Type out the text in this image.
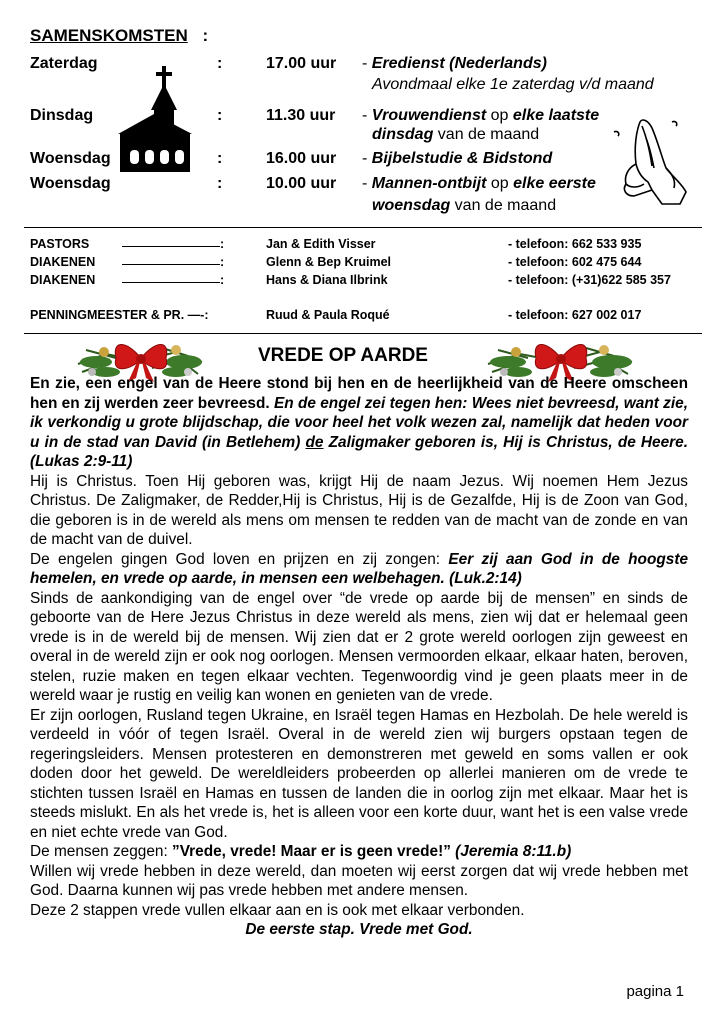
SAMENSKOMSTEN :
Zaterdag	:	17.00 uur - Eredienst (Nederlands)
Avondmaal elke 1e zaterdag v/d maand
Dinsdag	:	11.30 uur - Vrouwendienst op elke laatste
dinsdag van de maand
Woensdag	:	16.00 uur - Bijbelstudie & Bidstond
Woensdag	:	10.00 uur - Mannen-ontbijt op elke eerste
woensdag van de maand
PASTORS	:	Jan & Edith Visser	- telefoon: 662 533 935
DIAKENEN	:	Glenn & Bep Kruimel	- telefoon: 602 475 644
DIAKENEN	:	Hans & Diana Ilbrink	- telefoon: (+31)622 585 357
PENNINGMEESTER & PR. —-:	Ruud & Paula Roqué	- telefoon: 627 002 017
VREDE OP AARDE

En zie, een engel van de Heere stond bij hen en de heerlijkheid van de Heere omscheen hen en zij werden zeer bevreesd. En de engel zei tegen hen: Wees niet bevreesd, want zie, ik verkondig u grote blijdschap, die voor heel het volk wezen zal, namelijk dat heden voor u in de stad van David (in Betlehem) de Zaligmaker geboren is, Hij is Christus, de Heere.(Lukas 2:9-11)

Hij is Christus. Toen Hij geboren was, krijgt Hij de naam Jezus. Wij noemen Hem Jezus Christus. De Zaligmaker, de Redder,Hij is Christus, Hij is de Gezalfde, Hij is de Zoon van God, die geboren is in de wereld als mens om mensen te redden van de macht van de zonde en van de macht van de duivel.

De engelen gingen God loven en prijzen en zij zongen: Eer zij aan God in de hoogste hemelen, en vrede op aarde, in mensen een welbehagen. (Luk.2:14)

Sinds de aankondiging van de engel over “de vrede op aarde bij de mensen” en sinds de geboorte van de Here Jezus Christus in deze wereld als mens, zien wij dat er helemaal geen vrede is in de wereld bij de mensen. Wij zien dat er 2 grote wereld oorlogen zijn geweest en overal in de wereld zijn er ook nog oorlogen. Mensen vermoorden elkaar, elkaar haten, beroven, stelen, ruzie maken en tegen elkaar vechten. Tegenwoordig vind je geen plaats meer in de wereld waar je rustig en veilig kan wonen en genieten van de vrede.

Er zijn oorlogen, Rusland tegen Ukraine, en Israël tegen Hamas en Hezbolah. De hele wereld is verdeeld in vóór of tegen Israël. Overal in de wereld zien wij burgers opstaan tegen de regeringsleiders. Mensen protesteren en demonstreren met geweld en soms vallen er ook doden door het geweld. De wereldleiders probeerden op allerlei manieren om de vrede te stichten tussen Israël en Hamas en tussen de landen die in oorlog zijn met elkaar. Maar het is steeds mislukt. En als het vrede is, het is alleen voor een korte duur, want het is een valse vrede en niet echte vrede van God.

De mensen zeggen: ”Vrede, vrede! Maar er is geen vrede!” (Jeremia 8:11.b)

Willen wij vrede hebben in deze wereld, dan moeten wij eerst zorgen dat wij vrede hebben met God. Daarna kunnen wij pas vrede hebben met andere mensen.

Deze 2 stappen vrede vullen elkaar aan en is ook met elkaar verbonden.

De eerste stap. Vrede met God.

pagina 1
